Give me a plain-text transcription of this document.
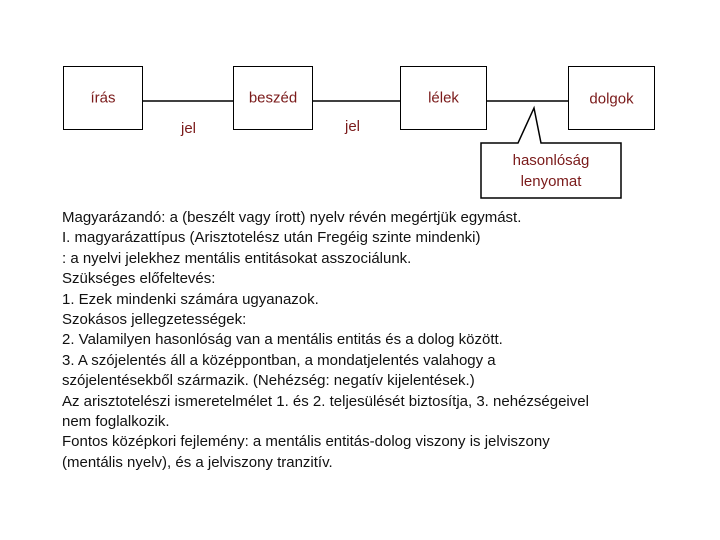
írás	beszéd	lélek	dolgok
jel	jel
hasonlóság
lenyomat
Magyarázandó: a (beszélt vagy írott) nyelv révén megértjük egymást.
I. magyarázattípus (Arisztotelész után Fregéig szinte mindenki)
: a nyelvi jelekhez mentális entitásokat asszociálunk.
Szükséges előfeltevés:
1. Ezek mindenki számára ugyanazok.
Szokásos jellegzetességek:
2. Valamilyen hasonlóság van a mentális entitás és a dolog között.
3. A szójelentés áll a középpontban, a mondatjelentés valahogy a
szójelentésekből származik. (Nehézség: negatív kijelentések.)
Az arisztotelészi ismeretelmélet 1. és 2. teljesülését biztosítja, 3. nehézségeivel
nem foglalkozik.
Fontos középkori fejlemény: a mentális entitás-dolog viszony is jelviszony
(mentális nyelv), és a jelviszony tranzitív.
